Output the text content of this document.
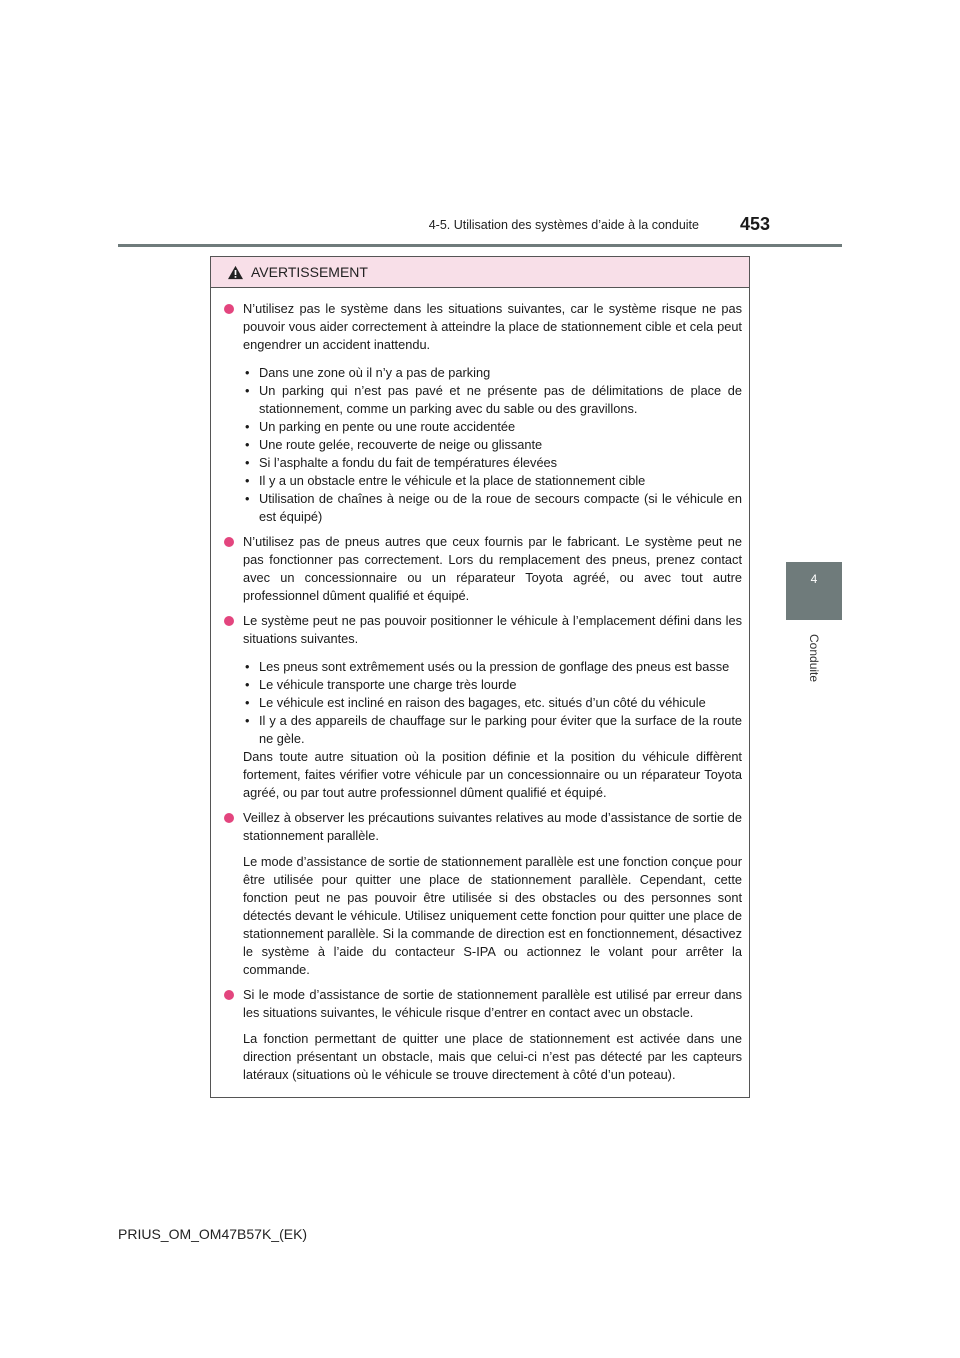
4-5. Utilisation des systèmes d’aide à la conduite 453
4
Conduite
AVERTISSEMENT

N’utilisez pas le système dans les situations suivantes, car le système risque ne pas pouvoir vous aider correctement à atteindre la place de stationnement cible et cela peut engendrer un accident inattendu.

• Dans une zone où il n’y a pas de parking
• Un parking qui n’est pas pavé et ne présente pas de délimitations de place de stationnement, comme un parking avec du sable ou des gravillons.
• Un parking en pente ou une route accidentée
• Une route gelée, recouverte de neige ou glissante
• Si l’asphalte a fondu du fait de températures élevées
• Il y a un obstacle entre le véhicule et la place de stationnement cible
• Utilisation de chaînes à neige ou de la roue de secours compacte (si le véhicule en est équipé)

N’utilisez pas de pneus autres que ceux fournis par le fabricant. Le système peut ne pas fonctionner pas correctement. Lors du remplacement des pneus, prenez contact avec un concessionnaire ou un réparateur Toyota agréé, ou avec tout autre professionnel dûment qualifié et équipé.

Le système peut ne pas pouvoir positionner le véhicule à l’emplacement défini dans les situations suivantes.

• Les pneus sont extrêmement usés ou la pression de gonflage des pneus est basse
• Le véhicule transporte une charge très lourde
• Le véhicule est incliné en raison des bagages, etc. situés d’un côté du véhicule
• Il y a des appareils de chauffage sur le parking pour éviter que la surface de la route ne gèle.

Dans toute autre situation où la position définie et la position du véhicule diffèrent fortement, faites vérifier votre véhicule par un concessionnaire ou un réparateur Toyota agréé, ou par tout autre professionnel dûment qualifié et équipé.

Veillez à observer les précautions suivantes relatives au mode d’assistance de sortie de stationnement parallèle.

Le mode d’assistance de sortie de stationnement parallèle est une fonction conçue pour être utilisée pour quitter une place de stationnement parallèle. Cependant, cette fonction peut ne pas pouvoir être utilisée si des obstacles ou des personnes sont détectés devant le véhicule. Utilisez uniquement cette fonction pour quitter une place de stationnement parallèle. Si la commande de direction est en fonctionnement, désactivez le système à l’aide du contacteur S-IPA ou actionnez le volant pour arrêter la commande.

Si le mode d’assistance de sortie de stationnement parallèle est utilisé par erreur dans les situations suivantes, le véhicule risque d’entrer en contact avec un obstacle.

La fonction permettant de quitter une place de stationnement est activée dans une direction présentant un obstacle, mais que celui-ci n’est pas détecté par les capteurs latéraux (situations où le véhicule se trouve directement à côté d’un poteau).

PRIUS_OM_OM47B57K_(EK)
